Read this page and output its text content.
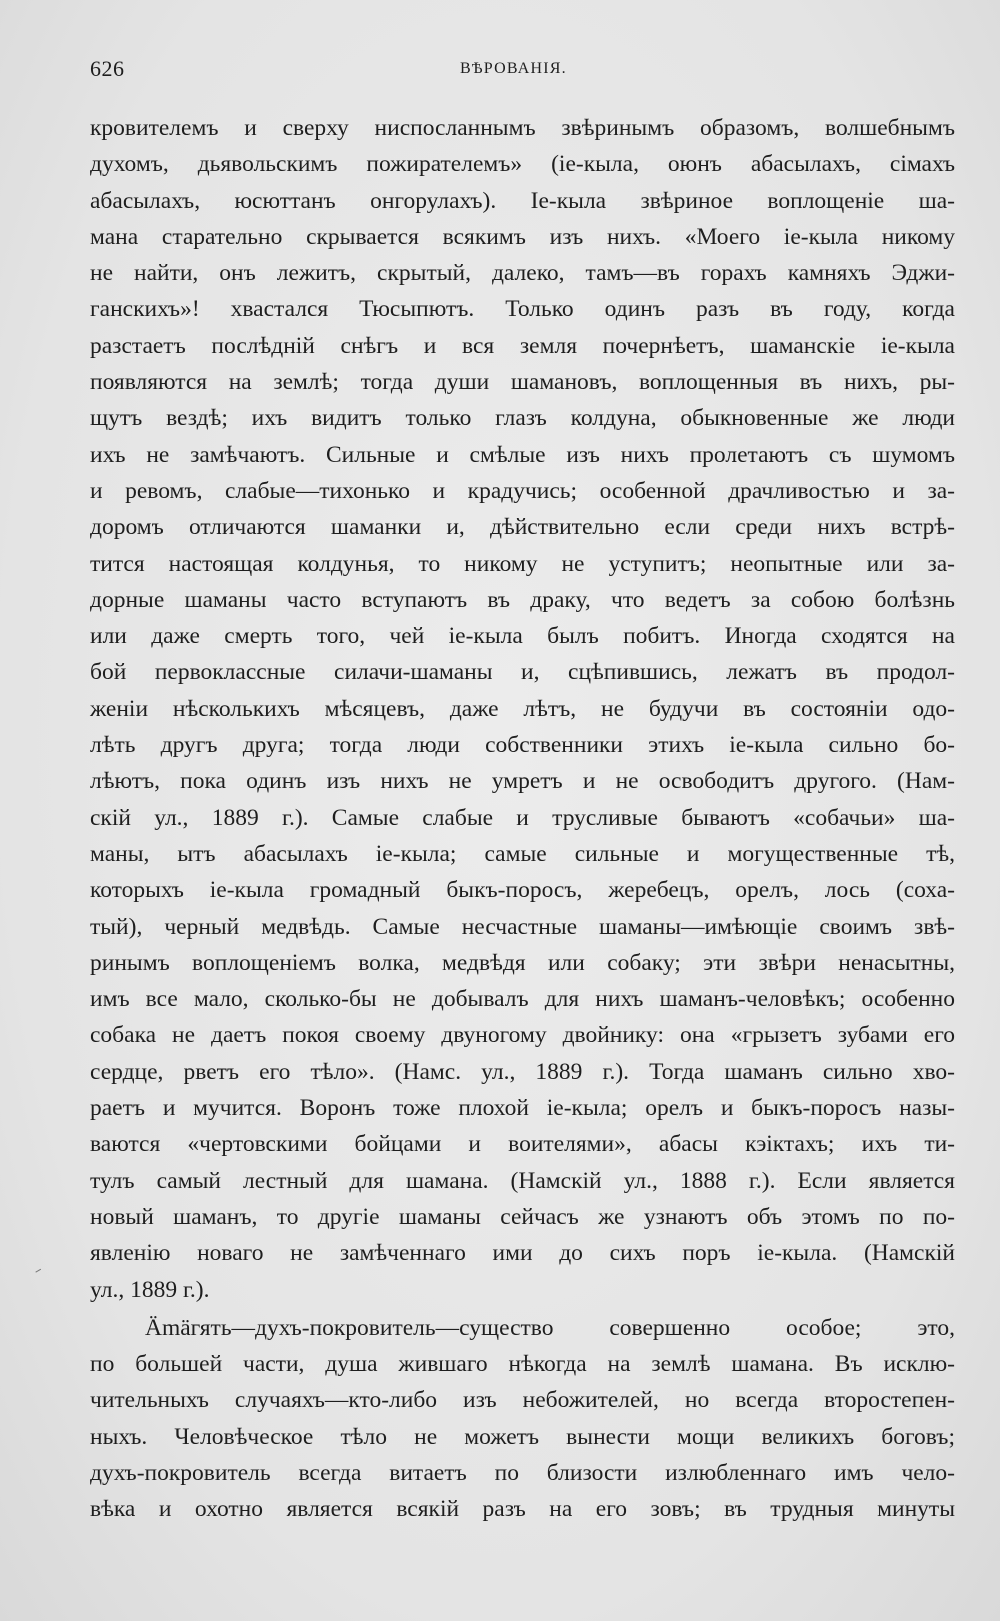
626	ВѢРОВАНІЯ.
кровителемъ и сверху ниспосланнымъ звѣринымъ образомъ, волшебнымъ
духомъ, дьявольскимъ пожирателемъ» (іе-кыла, оюнъ абасылахъ, сімахъ
абасылахъ, юсюттанъ онгорулахъ). Іе-кыла звѣриное воплощеніе ша-
мана старательно скрывается всякимъ изъ нихъ. «Моего іе-кыла никому
не найти, онъ лежитъ, скрытый, далеко, тамъ—въ горахъ камняхъ Эджи-
ганскихъ»! хвастался Тюсыпютъ. Только одинъ разъ въ году, когда
разстаетъ послѣдній снѣгъ и вся земля почернѣетъ, шаманскіе іе-кыла
появляются на землѣ; тогда души шамановъ, воплощенныя въ нихъ, ры-
щутъ вездѣ; ихъ видитъ только глазъ колдуна, обыкновенные же люди
ихъ не замѣчаютъ. Сильные и смѣлые изъ нихъ пролетаютъ съ шумомъ
и ревомъ, слабые—тихонько и крадучись; особенной драчливостью и за-
доромъ отличаются шаманки и, дѣйствительно если среди нихъ встрѣ-
тится настоящая колдунья, то никому не уступитъ; неопытные или за-
дорные шаманы часто вступаютъ въ драку, что ведетъ за собою болѣзнь
или даже смерть того, чей іе-кыла былъ побитъ. Иногда сходятся на
бой первоклассные силачи-шаманы и, сцѣпившись, лежатъ въ продол-
женіи нѣсколькихъ мѣсяцевъ, даже лѣтъ, не будучи въ состояніи одо-
лѣть другъ друга; тогда люди собственники этихъ іе-кыла сильно бо-
лѣютъ, пока одинъ изъ нихъ не умретъ и не освободитъ другого. (Нам-
скій ул., 1889 г.). Самые слабые и трусливые бываютъ «собачьи» ша-
маны, ытъ абасылахъ іе-кыла; самые сильные и могущественные тѣ,
которыхъ іе-кыла громадный быкъ-поросъ, жеребецъ, орелъ, лось (соха-
тый), черный медвѣдь. Самые несчастные шаманы—имѣющіе своимъ звѣ-
ринымъ воплощеніемъ волка, медвѣдя или собаку; эти звѣри ненасытны,
имъ все мало, сколько-бы не добывалъ для нихъ шаманъ-человѣкъ; особенно
собака не даетъ покоя своему двуногому двойнику: она «грызетъ зубами его
сердце, рветъ его тѣло». (Намс. ул., 1889 г.). Тогда шаманъ сильно хво-
раетъ и мучится. Воронъ тоже плохой іе-кыла; орелъ и быкъ-поросъ назы-
ваются «чертовскими бойцами и воителями», абасы кэіктахъ; ихъ ти-
тулъ самый лестный для шамана. (Намскій ул., 1888 г.). Если является
новый шаманъ, то другіе шаманы сейчасъ же узнаютъ объ этомъ по по-
явленію новаго не замѣченнаго ими до сихъ поръ іе-кыла. (Намскій
ул., 1889 г.).
Ämäгять—духъ-покровитель—существо совершенно особое; это,
по большей части, душа жившаго нѣкогда на землѣ шамана. Въ исклю-
чительныхъ случаяхъ—кто-либо изъ небожителей, но всегда второстепен-
ныхъ. Человѣческое тѣло не можетъ вынести мощи великихъ боговъ;
духъ-покровитель всегда витаетъ по близости излюбленнаго имъ чело-
вѣка и охотно является всякій разъ на его зовъ; въ трудныя минуты
